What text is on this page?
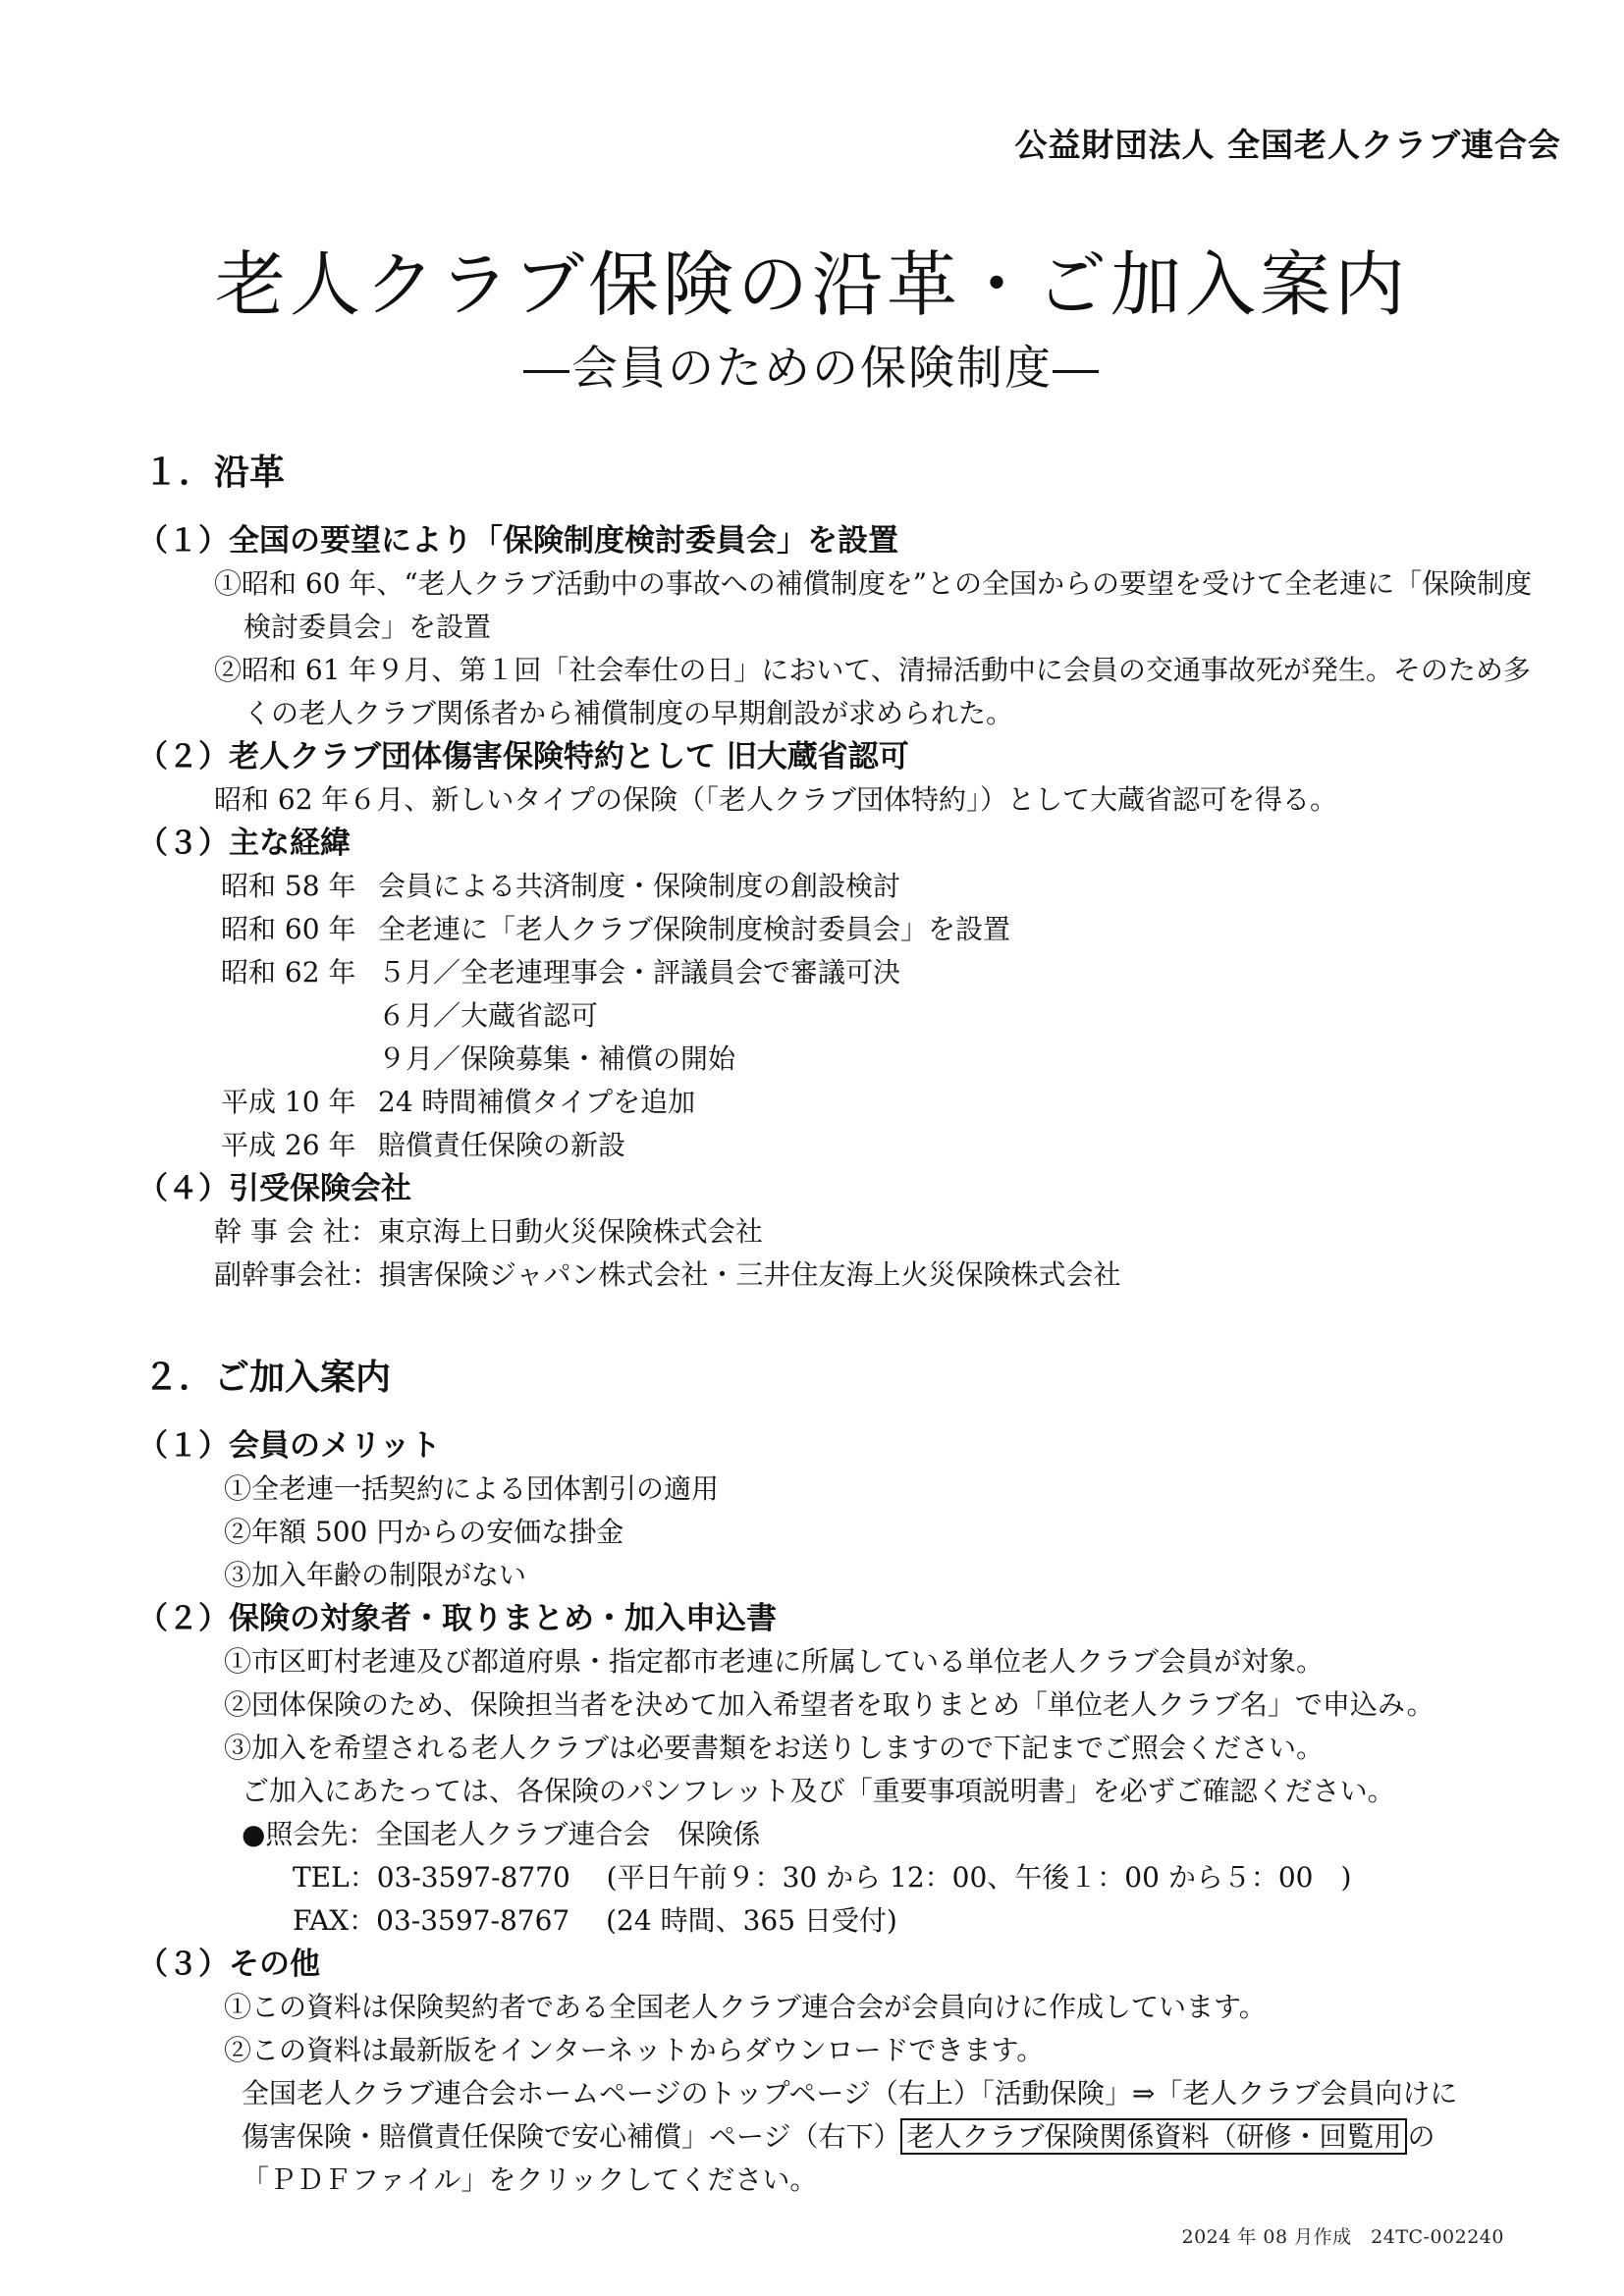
公益財団法人 全国老人クラブ連合会
老人クラブ保険の沿革・ご加入案内
―会員のための保険制度―
１．沿革
（１）全国の要望により「保険制度検討委員会」を設置
①昭和 60 年、“老人クラブ活動中の事故への補償制度を”との全国からの要望を受けて全老連に「保険制度検討委員会」を設置
②昭和 61 年９月、第１回「社会奉仕の日」において、清掃活動中に会員の交通事故死が発生。そのため多くの老人クラブ関係者から補償制度の早期創設が求められた。
（２）老人クラブ団体傷害保険特約として 旧大蔵省認可
昭和 62 年６月、新しいタイプの保険（「老人クラブ団体特約」）として大蔵省認可を得る。
（３）主な経緯
昭和 58 年 会員による共済制度・保険制度の創設検討
昭和 60 年 全老連に「老人クラブ保険制度検討委員会」を設置
昭和 62 年 ５月／全老連理事会・評議員会で審議可決
６月／大蔵省認可
９月／保険募集・補償の開始
平成 10 年 24 時間補償タイプを追加
平成 26 年 賠償責任保険の新設
（４）引受保険会社
幹 事 会 社：東京海上日動火災保険株式会社
副幹事会社：損害保険ジャパン株式会社・三井住友海上火災保険株式会社
２．ご加入案内
（１）会員のメリット
①全老連一括契約による団体割引の適用
②年額 500 円からの安価な掛金
③加入年齢の制限がない
（２）保険の対象者・取りまとめ・加入申込書
①市区町村老連及び都道府県・指定都市老連に所属している単位老人クラブ会員が対象。
②団体保険のため、保険担当者を決めて加入希望者を取りまとめ「単位老人クラブ名」で申込み。
③加入を希望される老人クラブは必要書類をお送りしますので下記までご照会ください。
ご加入にあたっては、各保険のパンフレット及び「重要事項説明書」を必ずご確認ください。
●照会先：全国老人クラブ連合会　保険係
TEL：03-3597-8770　 (平日午前９：30 から 12：00、午後１：00 から５：00　)
FAX：03-3597-8767　 (24 時間、365 日受付)
（３）その他
①この資料は保険契約者である全国老人クラブ連合会が会員向けに作成しています。
②この資料は最新版をインターネットからダウンロードできます。
全国老人クラブ連合会ホームページのトップページ（右上）「活動保険」⇒「老人クラブ会員向けに
傷害保険・賠償責任保険で安心補償」ページ（右下） 老人クラブ保険関係資料（研修・回覧用 の
「ＰＤＦファイル」をクリックしてください。
2024 年 08 月作成　24TC-002240
